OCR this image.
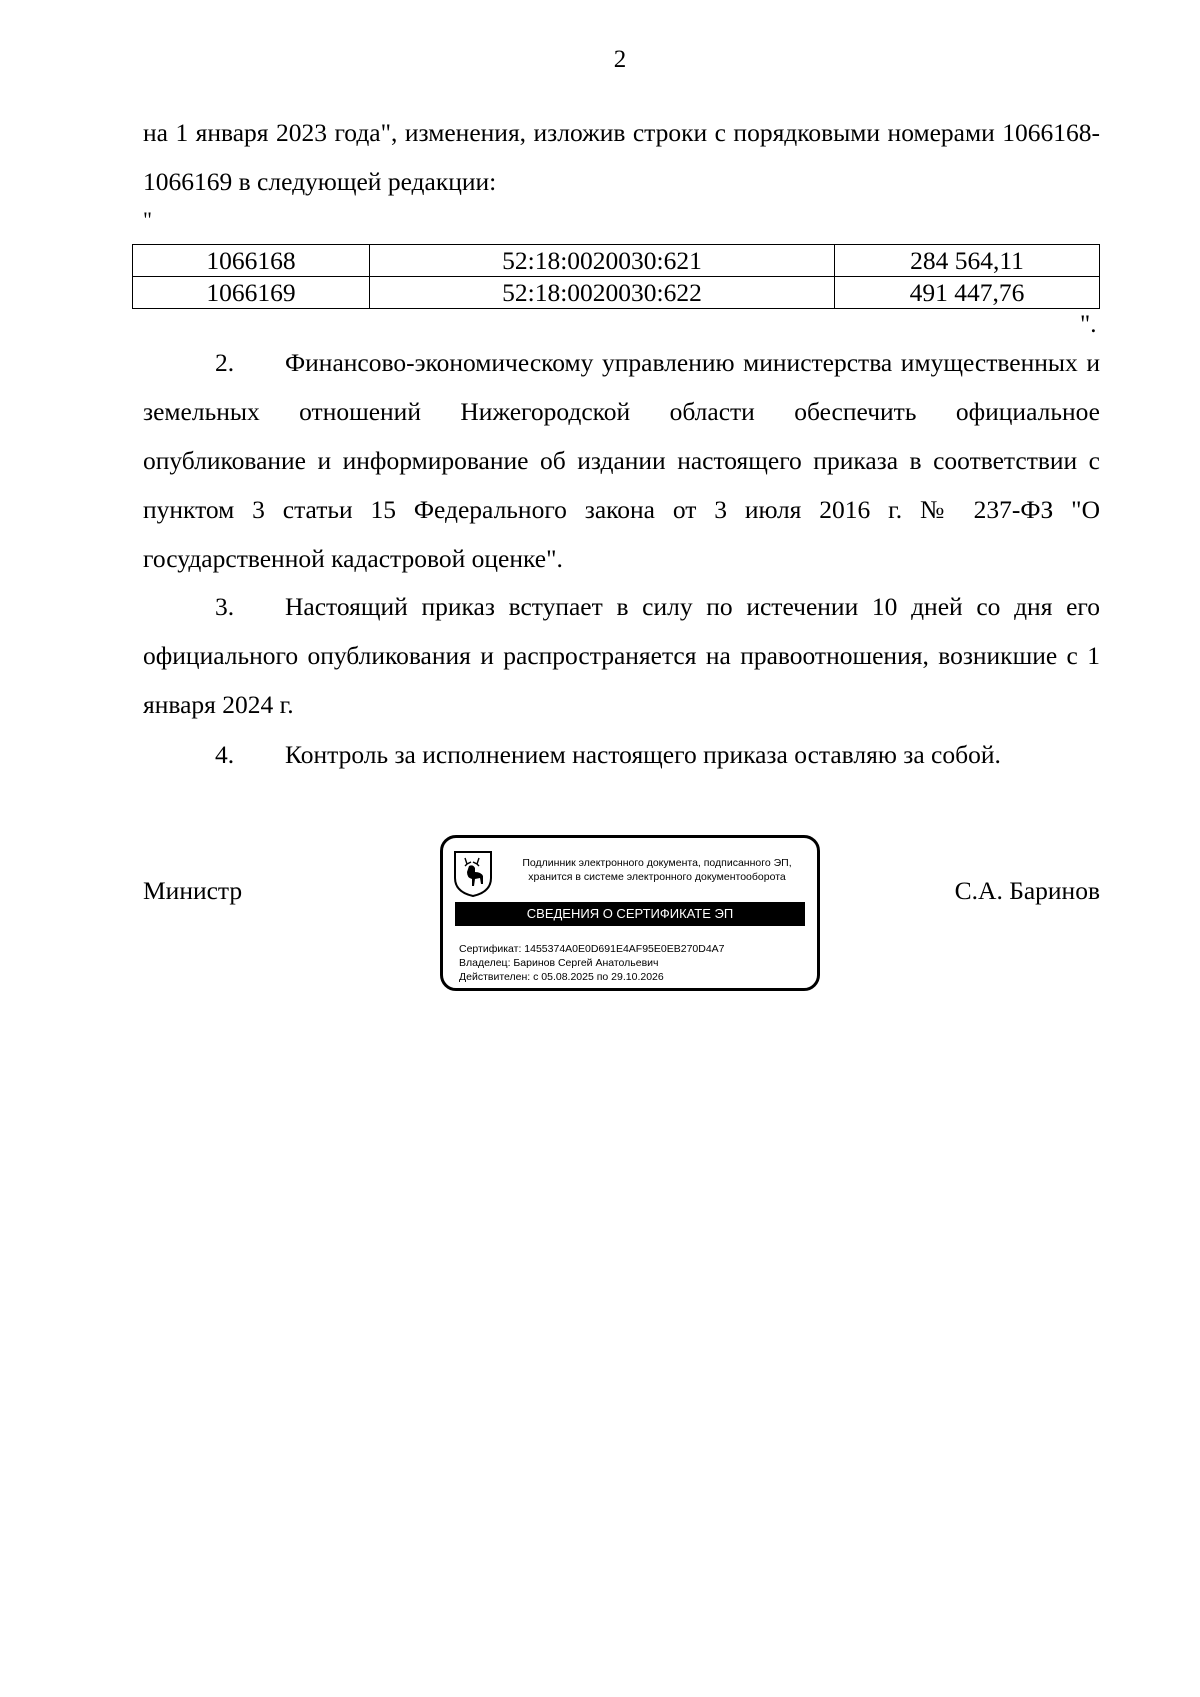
2

на 1 января 2023 года", изменения, изложив строки с порядковыми номерами 1066168-1066169 в следующей редакции:

"
1066168	52:18:0020030:621	284 564,11
1066169	52:18:0020030:622	491 447,76
".

2. Финансово-экономическому управлению министерства имущественных и земельных отношений Нижегородской области обеспечить официальное опубликование и информирование об издании настоящего приказа в соответствии с пунктом 3 статьи 15 Федерального закона от 3 июля 2016 г. № 237-ФЗ "О государственной кадастровой оценке".

3. Настоящий приказ вступает в силу по истечении 10 дней со дня его официального опубликования и распространяется на правоотношения, возникшие с 1 января 2024 г.

4. Контроль за исполнением настоящего приказа оставляю за собой.

Министр	С.А. Баринов
Подлинник электронного документа, подписанного ЭП,
хранится в системе электронного документооборота
СВЕДЕНИЯ О СЕРТИФИКАТЕ ЭП
Сертификат: 1455374A0E0D691E4AF95E0EB270D4A7
Владелец: Баринов Сергей Анатольевич
Действителен: с 05.08.2025 по 29.10.2026
